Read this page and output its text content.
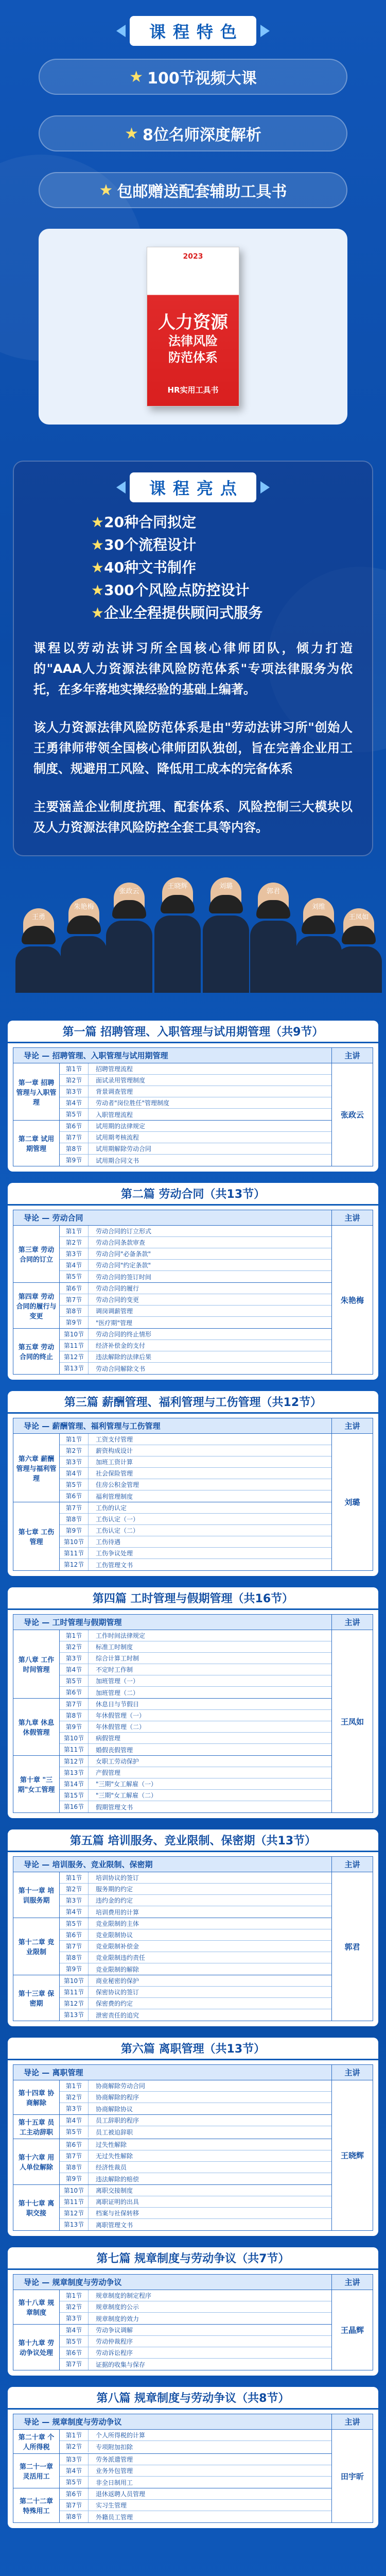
课程特色
★ 100节视频大课
★ 8位名师深度解析
★ 包邮赠送配套辅助工具书
2023
人力资源
法律风险
防范体系
HR实用工具书
课程亮点
★20种合同拟定
★30个流程设计
★40种文书制作
★300个风险点防控设计
★企业全程提供顾问式服务

课程以劳动法讲习所全国核心律师团队，倾力打造的"AAA人力资源法律风险防范体系"专项法律服务为依托，在多年落地实操经验的基础上编著。

该人力资源法律风险防范体系是由"劳动法讲习所"创始人王勇律师带领全国核心律师团队独创，旨在完善企业用工制度、规避用工风险、降低用工成本的完备体系

主要涵盖企业制度抗理、配套体系、风险控制三大模块以及人力资源法律风险防控全套工具等内容。

王勇
朱艳梅
张政云
王晓辉	刘璐
郭君
刘维
王凤如
第一篇 招聘管理、入职管理与试用期管理（共9节）
导论 — 招聘管理、入职管理与试用期管理	主讲
第一章 招聘管理与入职管理
第1节	招聘管理流程
第2节	面试录用管理制度
第3节	背景调查管理
第4节	劳动者"岗位胜任"管理制度
第5节	入职管理流程
第二章 试用期管理
第6节	试用期的法律规定
第7节	试用期考核流程
第8节	试用期解除劳动合同
第9节	试用期合同文书
张政云
第二篇 劳动合同（共13节）
导论 — 劳动合同	主讲
第三章 劳动合同的订立
第1节	劳动合同的订立形式
第2节	劳动合同条款审查
第3节	劳动合同"必备条款"
第4节	劳动合同"约定条款"
第5节	劳动合同的签订时间
第四章 劳动合同的履行与变更
第6节	劳动合同的履行
第7节	劳动合同的变更
第8节	调岗调薪管理
第9节	"医疗期"管理
第五章 劳动合同的终止
第10节	劳动合同的终止情形
第11节	经济补偿金的支付
第12节	违法解除的法律后果
第13节	劳动合同解除文书
朱艳梅
第三篇 薪酬管理、福利管理与工伤管理（共12节）
导论 — 薪酬管理、福利管理与工伤管理	主讲
第六章 薪酬管理与福利管理
第1节	工资支付管理
第2节	薪资构成设计
第3节	加班工资计算
第4节	社会保险管理
第5节	住房公积金管理
第6节	福利管理制度
第七章 工伤管理
第7节	工伤的认定
第8节	工伤认定（一）
第9节	工伤认定（二）
第10节	工伤待遇
第11节	工伤争议处理
第12节	工伤管理文书
刘璐
第四篇 工时管理与假期管理（共16节）
导论 — 工时管理与假期管理	主讲
第八章 工作时间管理
第1节	工作时间法律规定
第2节	标准工时制度
第3节	综合计算工时制
第4节	不定时工作制
第5节	加班管理（一）
第6节	加班管理（二）
第九章 休息休假管理
第7节	休息日与节假日
第8节	年休假管理（一）
第9节	年休假管理（二）
第10节	病假管理
第11节	婚假丧假管理
第十章 "三期"女工管理
第12节	女职工劳动保护
第13节	产假管理
第14节	"三期"女工解雇（一）
第15节	"三期"女工解雇（二）
第16节	假期管理文书
王凤如
第五篇 培训服务、竞业限制、保密期（共13节）
导论 — 培训服务、竞业限制、保密期	主讲
第十一章 培训服务期
第1节	培训协议的签订
第2节	服务期的约定
第3节	违约金的约定
第4节	培训费用的计算
第十二章 竞业限制
第5节	竞业限制的主体
第6节	竞业限制协议
第7节	竞业限制补偿金
第8节	竞业限制违约责任
第9节	竞业限制的解除
第十三章 保密期
第10节	商业秘密的保护
第11节	保密协议的签订
第12节	保密费的约定
第13节	泄密责任的追究
郭君
第六篇 离职管理（共13节）
导论 — 离职管理	主讲
第十四章 协商解除
第1节	协商解除劳动合同
第2节	协商解除的程序
第3节	协商解除协议
第十五章 员工主动辞职
第4节	员工辞职的程序
第5节	员工被迫辞职
第十六章 用人单位解除
第6节	过失性解除
第7节	无过失性解除
第8节	经济性裁员
第9节	违法解除的赔偿
第十七章 离职交接
第10节	离职交接制度
第11节	离职证明的出具
第12节	档案与社保转移
第13节	离职管理文书
王晓辉
第七篇 规章制度与劳动争议（共7节）
导论 — 规章制度与劳动争议	主讲
第十八章 规章制度
第1节	规章制度的制定程序
第2节	规章制度的公示
第3节	规章制度的效力
第十九章 劳动争议处理
第4节	劳动争议调解
第5节	劳动仲裁程序
第6节	劳动诉讼程序
第7节	证据的收集与保存
王晶辉
第八篇 规章制度与劳动争议（共8节）
导论 — 规章制度与劳动争议	主讲
第二十章 个人所得税
第1节	个人所得税的计算
第2节	专项附加扣除
第二十一章 灵活用工
第3节	劳务派遣管理
第4节	业务外包管理
第5节	非全日制用工
第二十二章 特殊用工
第6节	退休返聘人员管理
第7节	实习生管理
第8节	外籍员工管理
田宇昕
